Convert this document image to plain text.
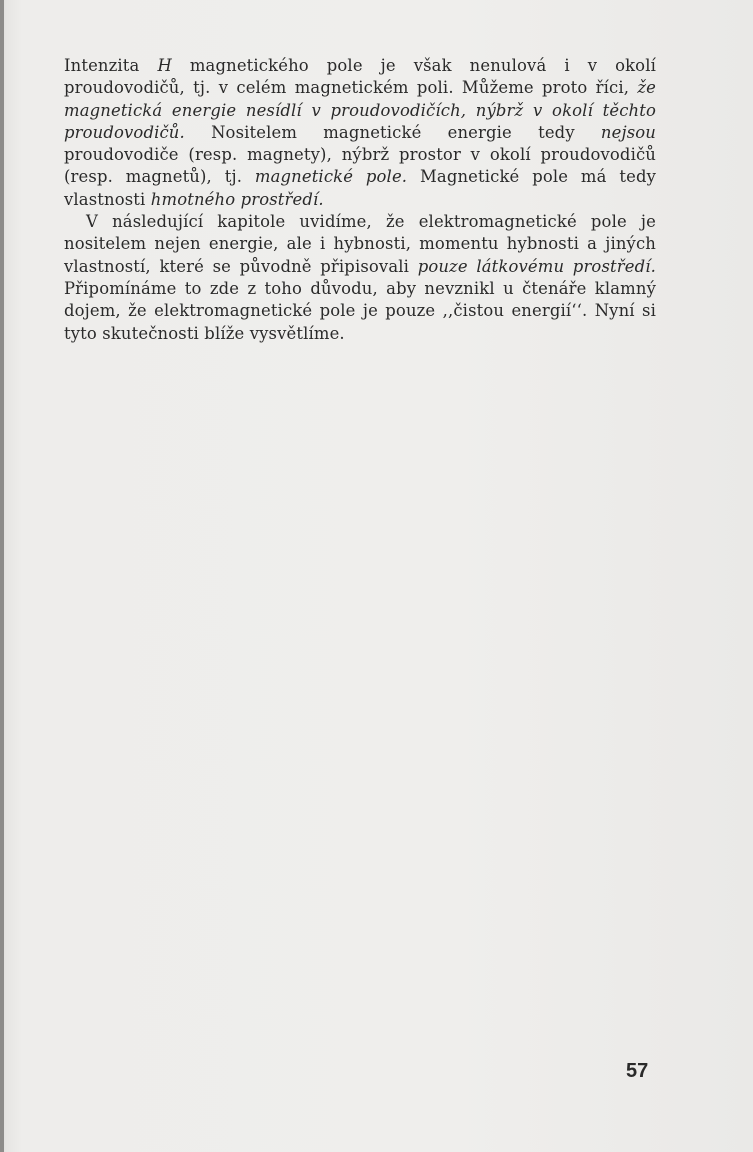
Intenzita H magnetického pole je však nenulová i v okolí proudovodičů, tj. v celém magnetickém poli. Můžeme proto říci, že magnetická energie nesídlí v proudovodičích, nýbrž v okolí těchto proudovodičů. Nositelem magnetické energie tedy nejsou proudovodiče (resp. magnety), nýbrž prostor v okolí proudovodičů (resp. magnetů), tj. magnetické pole. Magnetické pole má tedy vlastnosti hmotného prostředí.

V následující kapitole uvidíme, že elektromagnetické pole je nositelem nejen energie, ale i hybnosti, momentu hybnosti a jiných vlastností, které se původně připisovali pouze látkovému prostředí. Připomínáme to zde z toho důvodu, aby nevznikl u čtenáře klamný dojem, že elektromagnetické pole je pouze ,,čistou energií‘‘. Nyní si tyto skutečnosti blíže vysvětlíme.

57
